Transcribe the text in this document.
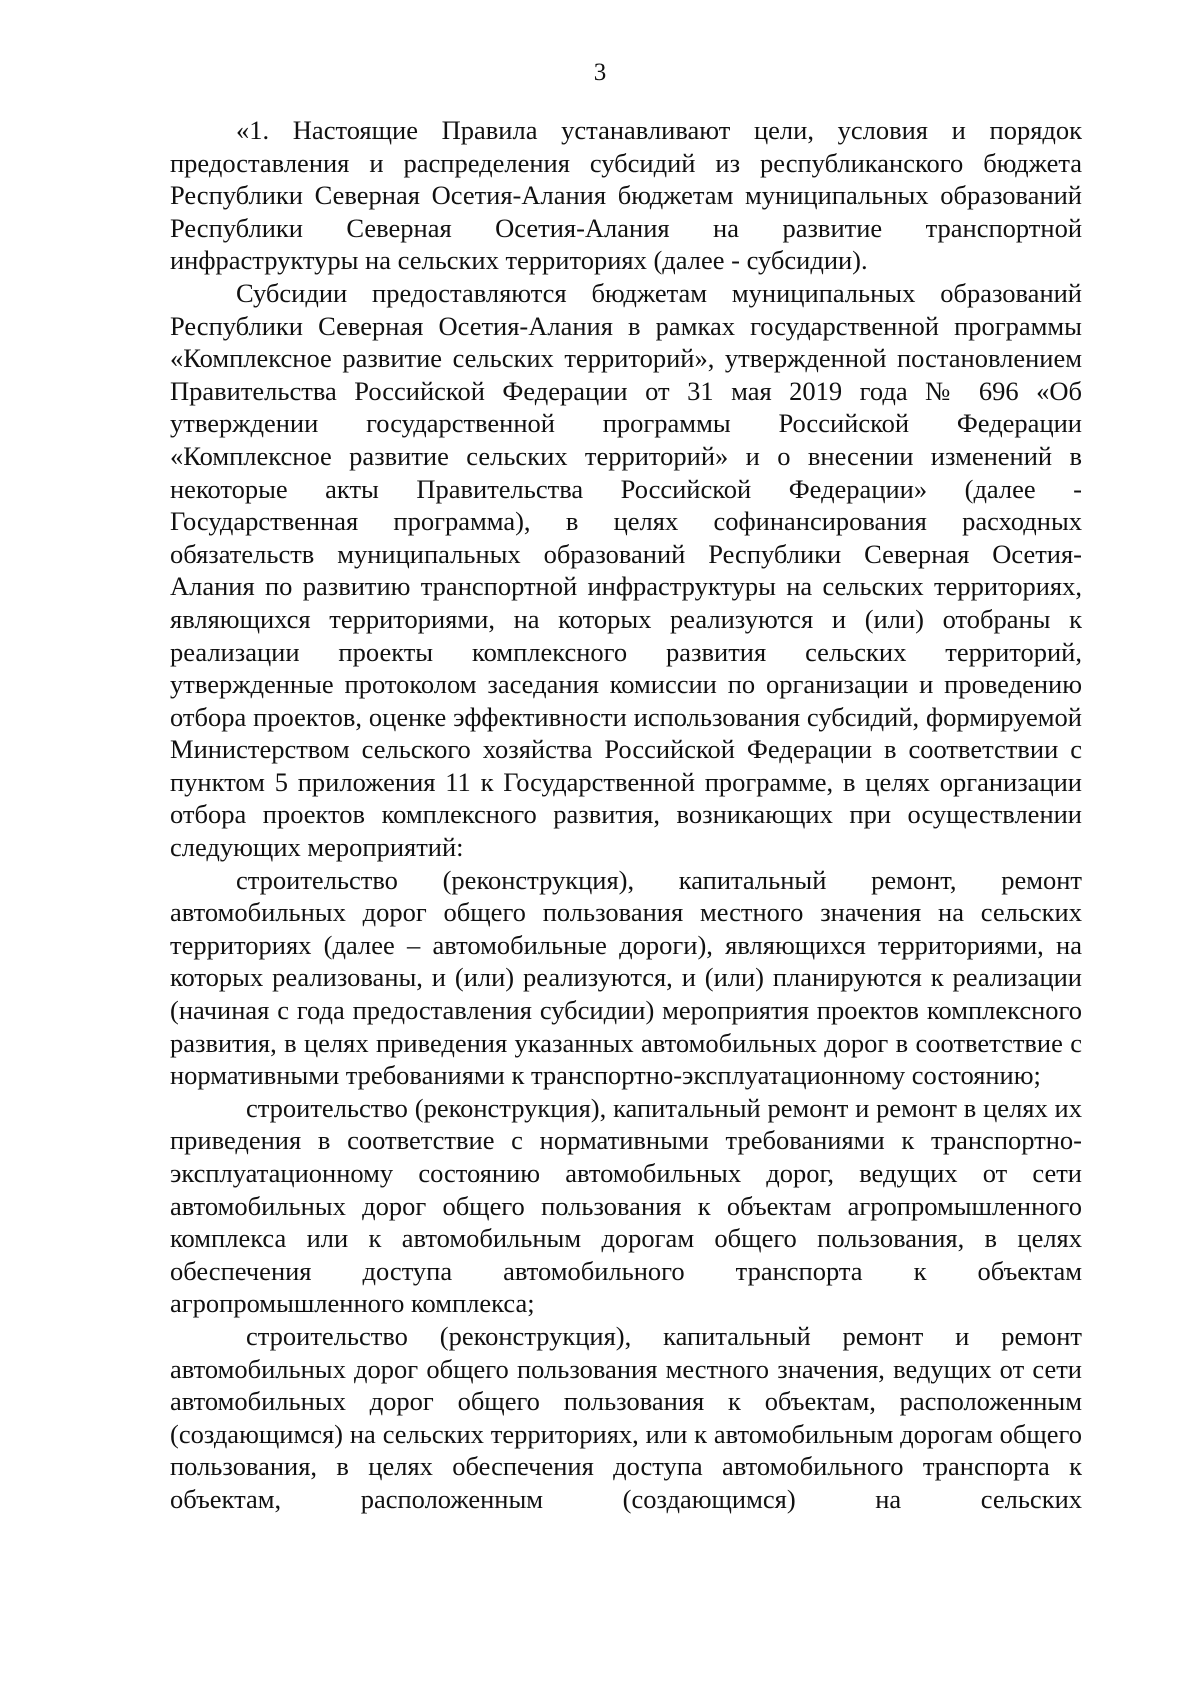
3

«1. Настоящие Правила устанавливают цели, условия и порядок предоставления и распределения субсидий из республиканского бюджета Республики Северная Осетия-Алания бюджетам муниципальных образований Республики Северная Осетия-Алания на развитие транспортной инфраструктуры на сельских территориях (далее - субсидии).

Субсидии предоставляются бюджетам муниципальных образований Республики Северная Осетия-Алания в рамках государственной программы «Комплексное развитие сельских территорий», утвержденной постановлением Правительства Российской Федерации от 31 мая 2019 года № 696 «Об утверждении государственной программы Российской Федерации «Комплексное развитие сельских территорий» и о внесении изменений в некоторые акты Правительства Российской Федерации» (далее - Государственная программа), в целях софинансирования расходных обязательств муниципальных образований Республики Северная Осетия-Алания по развитию транспортной инфраструктуры на сельских территориях, являющихся территориями, на которых реализуются и (или) отобраны к реализации проекты комплексного развития сельских территорий, утвержденные протоколом заседания комиссии по организации и проведению отбора проектов, оценке эффективности использования субсидий, формируемой Министерством сельского хозяйства Российской Федерации в соответствии с пунктом 5 приложения 11 к Государственной программе, в целях организации отбора проектов комплексного развития, возникающих при осуществлении следующих мероприятий:

строительство (реконструкция), капитальный ремонт, ремонт автомобильных дорог общего пользования местного значения на сельских территориях (далее – автомобильные дороги), являющихся территориями, на которых реализованы, и (или) реализуются, и (или) планируются к реализации (начиная с года предоставления субсидии) мероприятия проектов комплексного развития, в целях приведения указанных автомобильных дорог в соответствие с нормативными требованиями к транспортно-эксплуатационному состоянию;

строительство (реконструкция), капитальный ремонт и ремонт в целях их приведения в соответствие с нормативными требованиями к транспортно-эксплуатационному состоянию автомобильных дорог, ведущих от сети автомобильных дорог общего пользования к объектам агропромышленного комплекса или к автомобильным дорогам общего пользования, в целях обеспечения доступа автомобильного транспорта к объектам агропромышленного комплекса;

строительство (реконструкция), капитальный ремонт и ремонт автомобильных дорог общего пользования местного значения, ведущих от сети автомобильных дорог общего пользования к объектам, расположенным (создающимся) на сельских территориях, или к автомобильным дорогам общего пользования, в целях обеспечения доступа автомобильного транспорта к объектам, расположенным (создающимся) на сельских
